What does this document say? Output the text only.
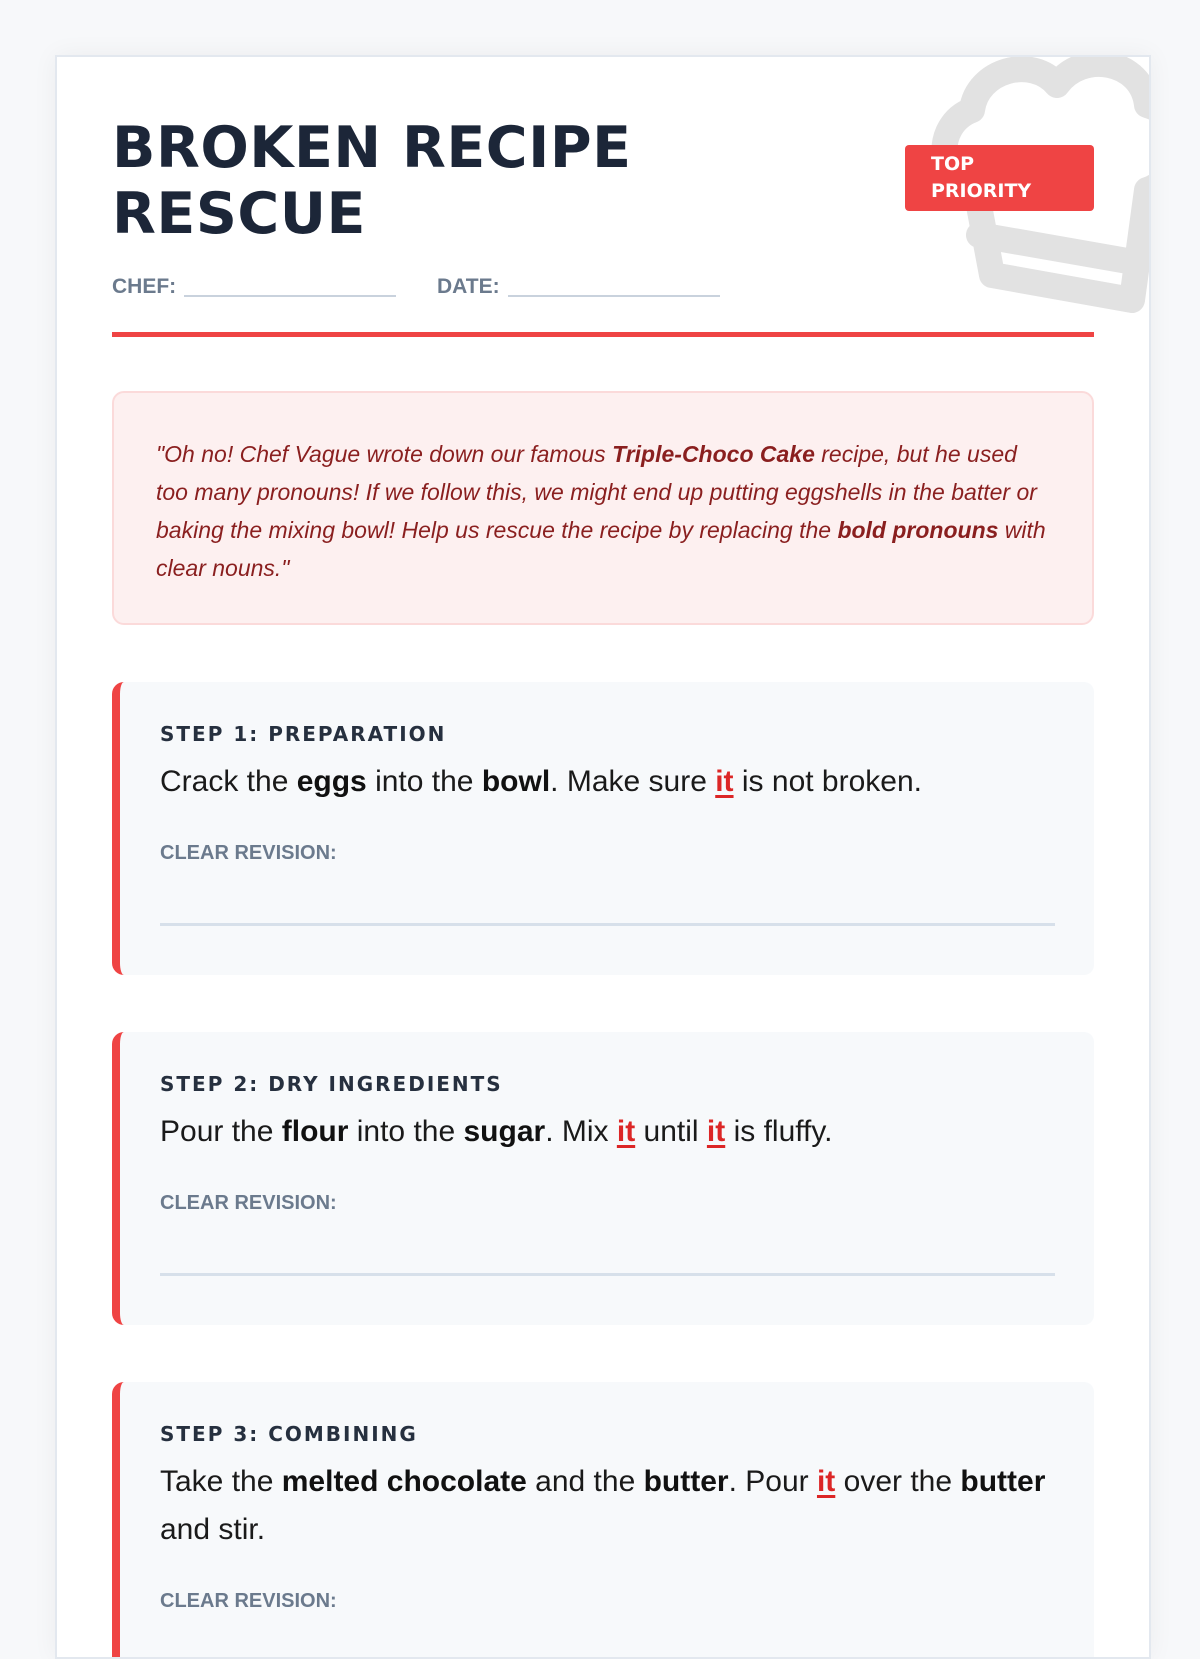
BROKEN RECIPE
RESCUE
TOP
PRIORITY
CHEF:	DATE:
"Oh no! Chef Vague wrote down our famous Triple-Choco Cake recipe, but he used too many pronouns! If we follow this, we might end up putting eggshells in the batter or baking the mixing bowl! Help us rescue the recipe by replacing the bold pronouns with clear nouns."
STEP 1: PREPARATION

Crack the eggs into the bowl. Make sure it is not broken.

CLEAR REVISION:
STEP 2: DRY INGREDIENTS

Pour the flour into the sugar. Mix it until it is fluffy.

CLEAR REVISION:
STEP 3: COMBINING

Take the melted chocolate and the butter. Pour it over the butter and stir.

CLEAR REVISION:
